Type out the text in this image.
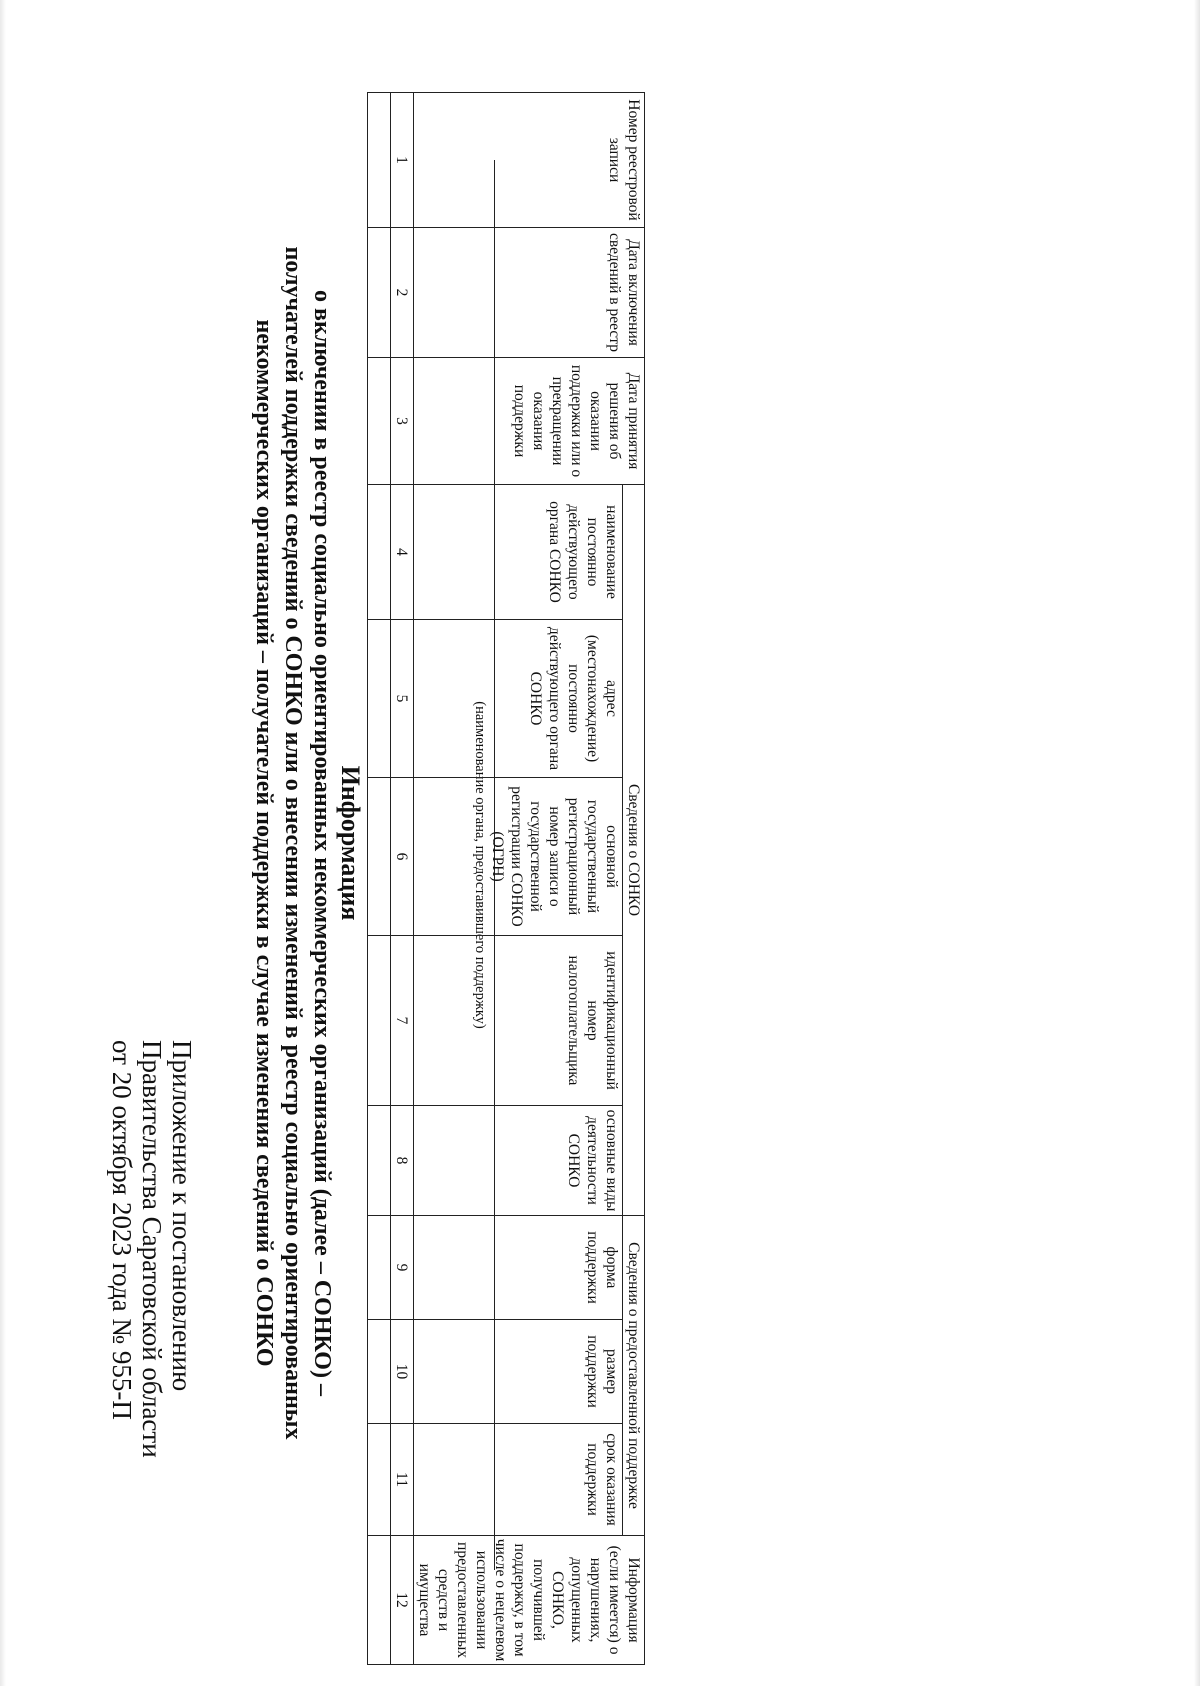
Приложение к постановлению
Правительства Саратовской области
от 20 октября 2023 года № 955-П
Информация
о включении в реестр социально ориентированных некоммерческих организаций (далее – СОНКО) –
получателей поддержки сведений о СОНКО или о внесении изменений в реестр социально ориентированных
некоммерческих организаций – получателей поддержки в случае изменения сведений о СОНКО	(наименование органа, предоставившего поддержку)
Номер реестровой записи	Дата включения сведений в реестр	Дата принятия решения об оказании поддержки или о прекращении оказания поддержки	Сведения о СОНКО					Сведения о предоставленной поддержке			Информация (если имеется) о нарушениях, допущенных СОНКО, получившей поддержку, в том числе о нецелевом использовании предоставленных средств и имущества
			наименование постоянно действующего органа СОНКО	адрес (местонахождение) постоянно действующего органа СОНКО	основной государственный регистрационный номер записи о государственной регистрации СОНКО (ОГРН)	идентификационный номер налогоплательщика	основные виды деятельности СОНКО	форма поддержки	размер поддержки	срок оказания поддержки	
1	2	3	4	5	6	7	8	9	10	11	12
